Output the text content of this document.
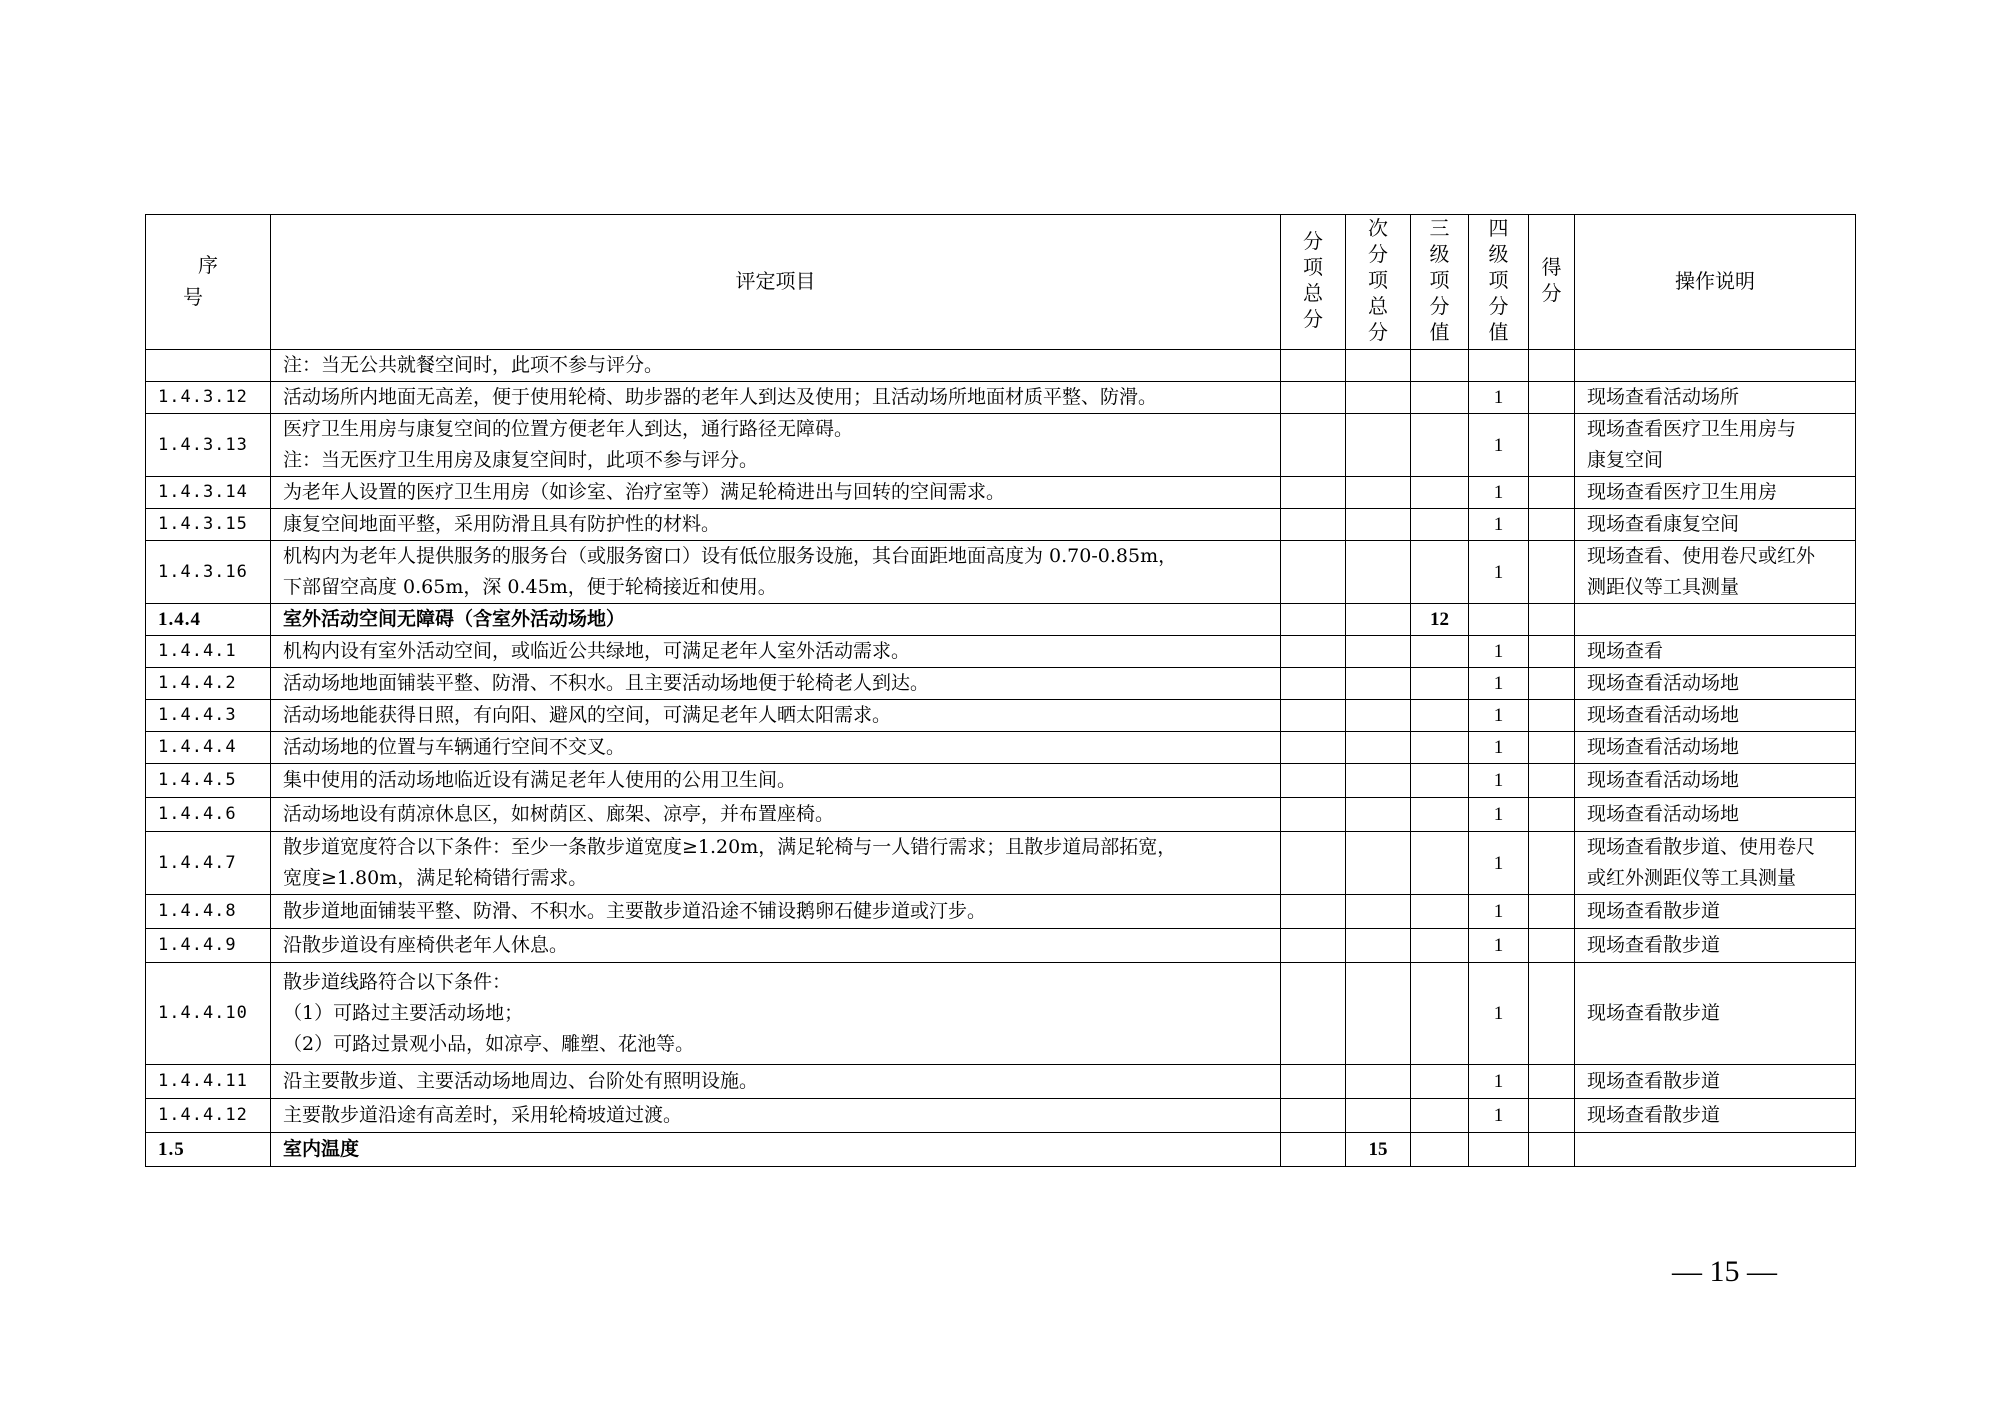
序号	评定项目	分项总分	次分项总分	三级项分值	四级项分值	得分	操作说明

	注：当无公共就餐空间时，此项不参与评分。						

1.4.3.12	活动场所内地面无高差，便于使用轮椅、助步器的老年人到达及使用；且活动场所地面材质平整、防滑。				1		现场查看活动场所

1.4.3.13	医疗卫生用房与康复空间的位置方便老年人到达，通行路径无障碍。
注：当无医疗卫生用房及康复空间时，此项不参与评分。				1		现场查看医疗卫生用房与
康复空间

1.4.3.14	为老年人设置的医疗卫生用房（如诊室、治疗室等）满足轮椅进出与回转的空间需求。				1		现场查看医疗卫生用房

1.4.3.15	康复空间地面平整，采用防滑且具有防护性的材料。				1		现场查看康复空间

1.4.3.16	机构内为老年人提供服务的服务台（或服务窗口）设有低位服务设施，其台面距地面高度为 0.70-0.85m，
下部留空高度 0.65m，深 0.45m，便于轮椅接近和使用。				1		现场查看、使用卷尺或红外
测距仪等工具测量

1.4.4	室外活动空间无障碍（含室外活动场地）			12			

1.4.4.1	机构内设有室外活动空间，或临近公共绿地，可满足老年人室外活动需求。				1		现场查看

1.4.4.2	活动场地地面铺装平整、防滑、不积水。且主要活动场地便于轮椅老人到达。				1		现场查看活动场地

1.4.4.3	活动场地能获得日照，有向阳、避风的空间，可满足老年人晒太阳需求。				1		现场查看活动场地

1.4.4.4	活动场地的位置与车辆通行空间不交叉。				1		现场查看活动场地

1.4.4.5	集中使用的活动场地临近设有满足老年人使用的公用卫生间。				1		现场查看活动场地

1.4.4.6	活动场地设有荫凉休息区，如树荫区、廊架、凉亭，并布置座椅。				1		现场查看活动场地

1.4.4.7	散步道宽度符合以下条件：至少一条散步道宽度≥1.20m，满足轮椅与一人错行需求；且散步道局部拓宽，
宽度≥1.80m，满足轮椅错行需求。				1		现场查看散步道、使用卷尺
或红外测距仪等工具测量

1.4.4.8	散步道地面铺装平整、防滑、不积水。主要散步道沿途不铺设鹅卵石健步道或汀步。				1		现场查看散步道

1.4.4.9	沿散步道设有座椅供老年人休息。				1		现场查看散步道

1.4.4.10	散步道线路符合以下条件：
（1）可路过主要活动场地；
（2）可路过景观小品，如凉亭、雕塑、花池等。				1		现场查看散步道

1.4.4.11	沿主要散步道、主要活动场地周边、台阶处有照明设施。				1		现场查看散步道

1.4.4.12	主要散步道沿途有高差时，采用轮椅坡道过渡。				1		现场查看散步道

1.5	室内温度		15				
— 15 —
